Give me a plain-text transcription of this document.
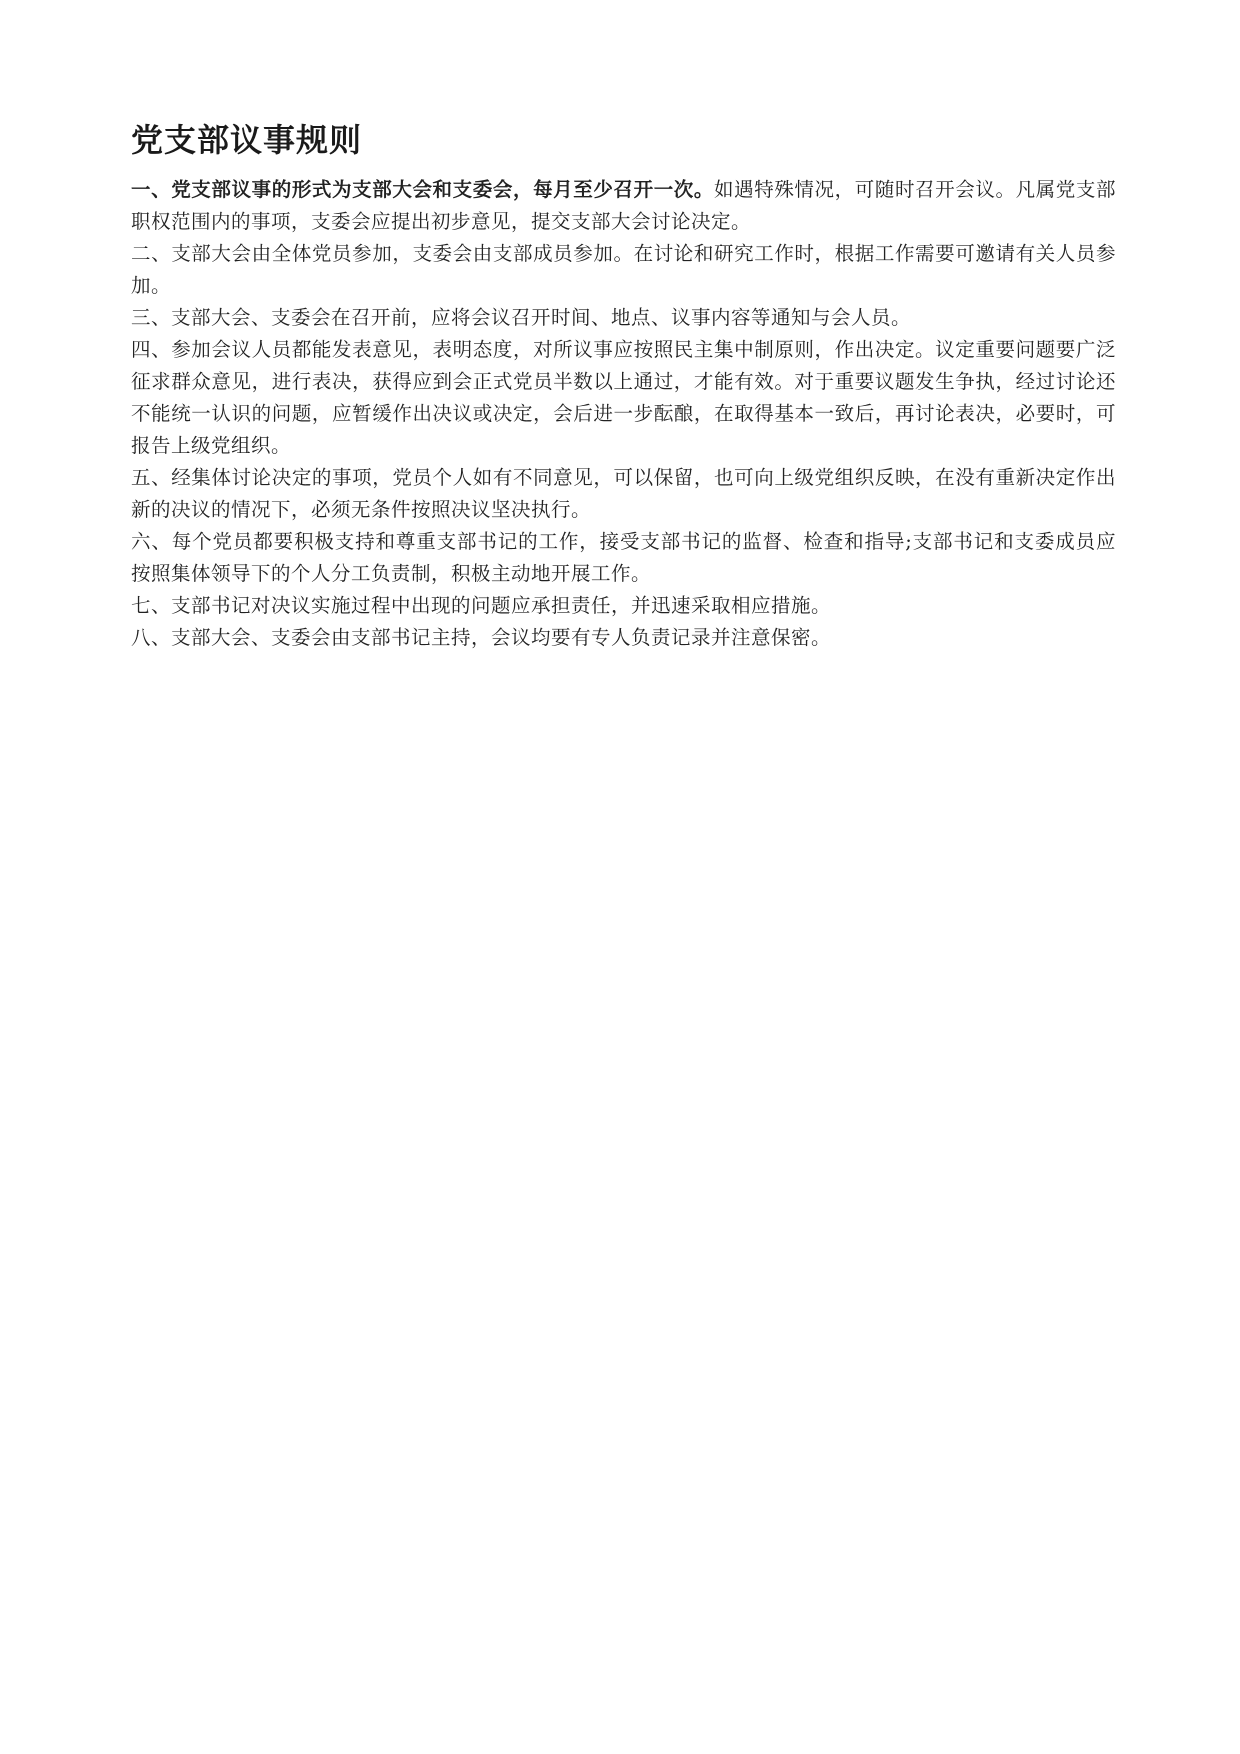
党支部议事规则
一、党支部议事的形式为支部大会和支委会，每月至少召开一次。如遇特殊情况，可随时召开会议。凡属党支部职权范围内的事项，支委会应提出初步意见，提交支部大会讨论决定。
二、支部大会由全体党员参加，支委会由支部成员参加。在讨论和研究工作时，根据工作需要可邀请有关人员参加。
三、支部大会、支委会在召开前，应将会议召开时间、地点、议事内容等通知与会人员。
四、参加会议人员都能发表意见，表明态度，对所议事应按照民主集中制原则，作出决定。议定重要问题要广泛征求群众意见，进行表决，获得应到会正式党员半数以上通过，才能有效。对于重要议题发生争执，经过讨论还不能统一认识的问题，应暂缓作出决议或决定，会后进一步酝酿，在取得基本一致后，再讨论表决，必要时，可报告上级党组织。
五、经集体讨论决定的事项，党员个人如有不同意见，可以保留，也可向上级党组织反映，在没有重新决定作出新的决议的情况下，必须无条件按照决议坚决执行。
六、每个党员都要积极支持和尊重支部书记的工作，接受支部书记的监督、检查和指导;支部书记和支委成员应按照集体领导下的个人分工负责制，积极主动地开展工作。
七、支部书记对决议实施过程中出现的问题应承担责任，并迅速采取相应措施。
八、支部大会、支委会由支部书记主持，会议均要有专人负责记录并注意保密。
